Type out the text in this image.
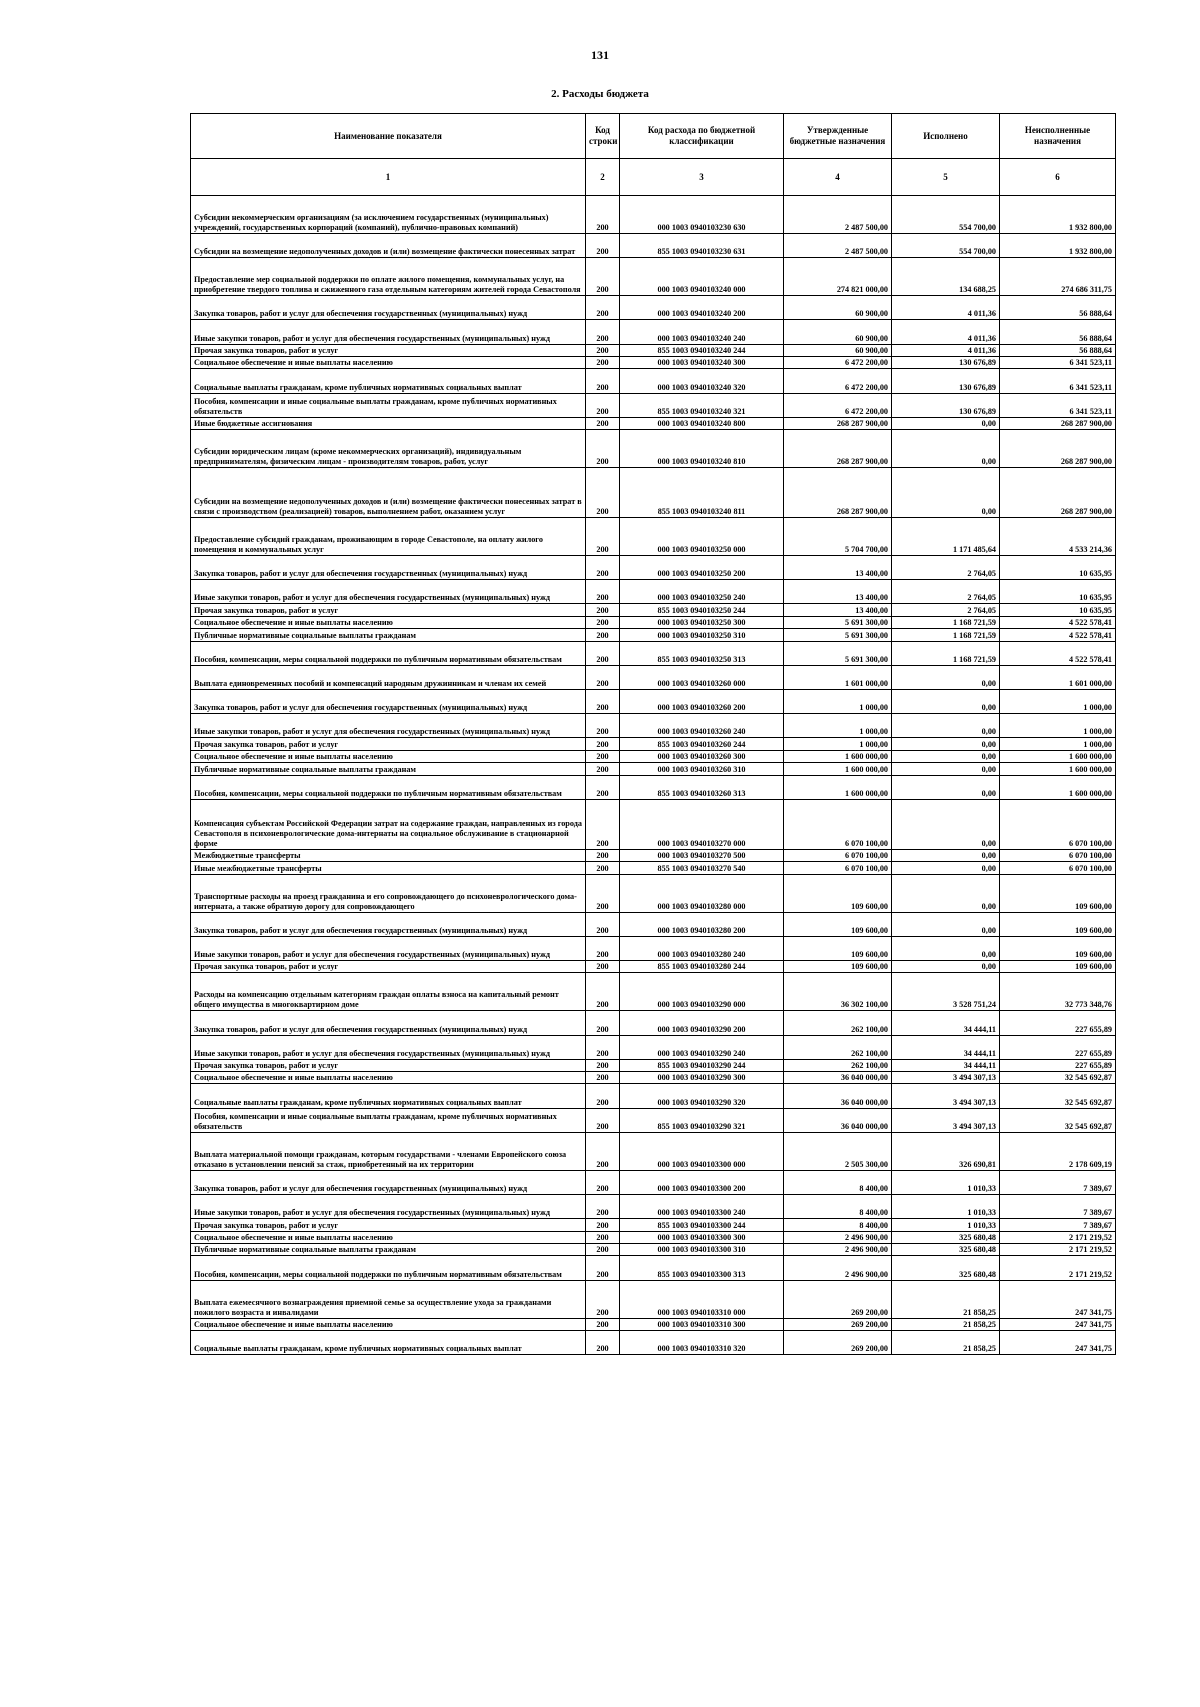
131
2. Расходы бюджета
Наименование показателя	Код строки	Код расхода по бюджетной классификации	Утвержденные бюджетные назначения	Исполнено	Неисполненные назначения
1	2	3	4	5	6
Субсидии некоммерческим организациям (за исключением государственных (муниципальных) учреждений, государственных корпораций (компаний), публично-правовых компаний)	200	000 1003 0940103230 630	2 487 500,00	554 700,00	1 932 800,00
Субсидии на возмещение недополученных доходов и (или) возмещение фактически понесенных затрат	200	855 1003 0940103230 631	2 487 500,00	554 700,00	1 932 800,00
Предоставление мер социальной поддержки по оплате жилого помещения, коммунальных услуг, на приобретение твердого топлива и сжиженного газа отдельным категориям жителей города Севастополя	200	000 1003 0940103240 000	274 821 000,00	134 688,25	274 686 311,75
Закупка товаров, работ и услуг для обеспечения государственных (муниципальных) нужд	200	000 1003 0940103240 200	60 900,00	4 011,36	56 888,64
Иные закупки товаров, работ и услуг для обеспечения государственных (муниципальных) нужд	200	000 1003 0940103240 240	60 900,00	4 011,36	56 888,64
Прочая закупка товаров, работ и услуг	200	855 1003 0940103240 244	60 900,00	4 011,36	56 888,64
Социальное обеспечение и иные выплаты населению	200	000 1003 0940103240 300	6 472 200,00	130 676,89	6 341 523,11
Социальные выплаты гражданам, кроме публичных нормативных социальных выплат	200	000 1003 0940103240 320	6 472 200,00	130 676,89	6 341 523,11
Пособия, компенсации и иные социальные выплаты гражданам, кроме публичных нормативных обязательств	200	855 1003 0940103240 321	6 472 200,00	130 676,89	6 341 523,11
Иные бюджетные ассигнования	200	000 1003 0940103240 800	268 287 900,00	0,00	268 287 900,00
Субсидии юридическим лицам (кроме некоммерческих организаций), индивидуальным предпринимателям, физическим лицам - производителям товаров, работ, услуг	200	000 1003 0940103240 810	268 287 900,00	0,00	268 287 900,00
Субсидии на возмещение недополученных доходов и (или) возмещение фактически понесенных затрат в связи с производством (реализацией) товаров, выполнением работ, оказанием услуг	200	855 1003 0940103240 811	268 287 900,00	0,00	268 287 900,00
Предоставление субсидий гражданам, проживающим в городе Севастополе, на оплату жилого помещения и коммунальных услуг	200	000 1003 0940103250 000	5 704 700,00	1 171 485,64	4 533 214,36
Закупка товаров, работ и услуг для обеспечения государственных (муниципальных) нужд	200	000 1003 0940103250 200	13 400,00	2 764,05	10 635,95
Иные закупки товаров, работ и услуг для обеспечения государственных (муниципальных) нужд	200	000 1003 0940103250 240	13 400,00	2 764,05	10 635,95
Прочая закупка товаров, работ и услуг	200	855 1003 0940103250 244	13 400,00	2 764,05	10 635,95
Социальное обеспечение и иные выплаты населению	200	000 1003 0940103250 300	5 691 300,00	1 168 721,59	4 522 578,41
Публичные нормативные социальные выплаты гражданам	200	000 1003 0940103250 310	5 691 300,00	1 168 721,59	4 522 578,41
Пособия, компенсации, меры социальной поддержки по публичным нормативным обязательствам	200	855 1003 0940103250 313	5 691 300,00	1 168 721,59	4 522 578,41
Выплата единовременных пособий и компенсаций народным дружинникам и членам их семей	200	000 1003 0940103260 000	1 601 000,00	0,00	1 601 000,00
Закупка товаров, работ и услуг для обеспечения государственных (муниципальных) нужд	200	000 1003 0940103260 200	1 000,00	0,00	1 000,00
Иные закупки товаров, работ и услуг для обеспечения государственных (муниципальных) нужд	200	000 1003 0940103260 240	1 000,00	0,00	1 000,00
Прочая закупка товаров, работ и услуг	200	855 1003 0940103260 244	1 000,00	0,00	1 000,00
Социальное обеспечение и иные выплаты населению	200	000 1003 0940103260 300	1 600 000,00	0,00	1 600 000,00
Публичные нормативные социальные выплаты гражданам	200	000 1003 0940103260 310	1 600 000,00	0,00	1 600 000,00
Пособия, компенсации, меры социальной поддержки по публичным нормативным обязательствам	200	855 1003 0940103260 313	1 600 000,00	0,00	1 600 000,00
Компенсация субъектам Российской Федерации затрат на содержание граждан, направленных из города Севастополя в психоневрологические дома-интернаты на социальное обслуживание в стационарной форме	200	000 1003 0940103270 000	6 070 100,00	0,00	6 070 100,00
Межбюджетные трансферты	200	000 1003 0940103270 500	6 070 100,00	0,00	6 070 100,00
Иные межбюджетные трансферты	200	855 1003 0940103270 540	6 070 100,00	0,00	6 070 100,00
Транспортные расходы на проезд гражданина и его сопровождающего до психоневрологического дома-интерната, а также обратную дорогу для сопровождающего	200	000 1003 0940103280 000	109 600,00	0,00	109 600,00
Закупка товаров, работ и услуг для обеспечения государственных (муниципальных) нужд	200	000 1003 0940103280 200	109 600,00	0,00	109 600,00
Иные закупки товаров, работ и услуг для обеспечения государственных (муниципальных) нужд	200	000 1003 0940103280 240	109 600,00	0,00	109 600,00
Прочая закупка товаров, работ и услуг	200	855 1003 0940103280 244	109 600,00	0,00	109 600,00
Расходы на компенсацию отдельным категориям граждан оплаты взноса на капитальный ремонт общего имущества в многоквартирном доме	200	000 1003 0940103290 000	36 302 100,00	3 528 751,24	32 773 348,76
Закупка товаров, работ и услуг для обеспечения государственных (муниципальных) нужд	200	000 1003 0940103290 200	262 100,00	34 444,11	227 655,89
Иные закупки товаров, работ и услуг для обеспечения государственных (муниципальных) нужд	200	000 1003 0940103290 240	262 100,00	34 444,11	227 655,89
Прочая закупка товаров, работ и услуг	200	855 1003 0940103290 244	262 100,00	34 444,11	227 655,89
Социальное обеспечение и иные выплаты населению	200	000 1003 0940103290 300	36 040 000,00	3 494 307,13	32 545 692,87
Социальные выплаты гражданам, кроме публичных нормативных социальных выплат	200	000 1003 0940103290 320	36 040 000,00	3 494 307,13	32 545 692,87
Пособия, компенсации и иные социальные выплаты гражданам, кроме публичных нормативных обязательств	200	855 1003 0940103290 321	36 040 000,00	3 494 307,13	32 545 692,87
Выплата материальной помощи гражданам, которым государствами - членами Европейского союза отказано в установлении пенсий за стаж, приобретенный на их территории	200	000 1003 0940103300 000	2 505 300,00	326 690,81	2 178 609,19
Закупка товаров, работ и услуг для обеспечения государственных (муниципальных) нужд	200	000 1003 0940103300 200	8 400,00	1 010,33	7 389,67
Иные закупки товаров, работ и услуг для обеспечения государственных (муниципальных) нужд	200	000 1003 0940103300 240	8 400,00	1 010,33	7 389,67
Прочая закупка товаров, работ и услуг	200	855 1003 0940103300 244	8 400,00	1 010,33	7 389,67
Социальное обеспечение и иные выплаты населению	200	000 1003 0940103300 300	2 496 900,00	325 680,48	2 171 219,52
Публичные нормативные социальные выплаты гражданам	200	000 1003 0940103300 310	2 496 900,00	325 680,48	2 171 219,52
Пособия, компенсации, меры социальной поддержки по публичным нормативным обязательствам	200	855 1003 0940103300 313	2 496 900,00	325 680,48	2 171 219,52
Выплата ежемесячного вознаграждения приемной семье за осуществление ухода за гражданами пожилого возраста и инвалидами	200	000 1003 0940103310 000	269 200,00	21 858,25	247 341,75
Социальное обеспечение и иные выплаты населению	200	000 1003 0940103310 300	269 200,00	21 858,25	247 341,75
Социальные выплаты гражданам, кроме публичных нормативных социальных выплат	200	000 1003 0940103310 320	269 200,00	21 858,25	247 341,75
